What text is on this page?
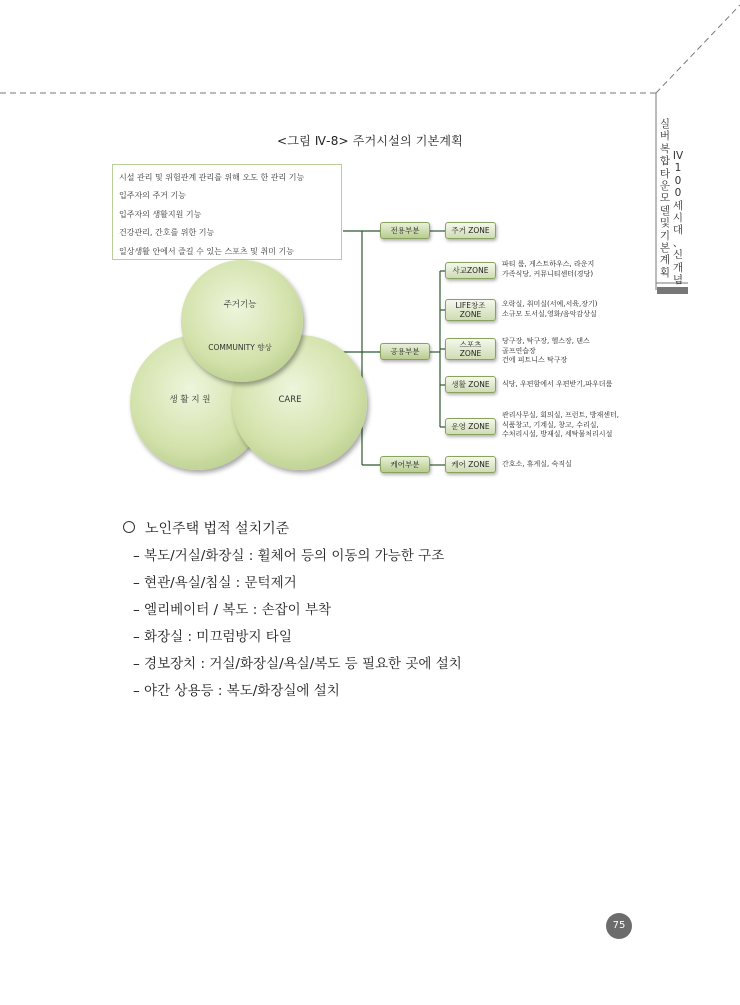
IV
1
0
0
세
시
대
、
신
개
념
실
버
복
합
타
운
모
델
및
기
본
계
획
<그림 Ⅳ-8> 주거시설의 기본계획
시설 관리 및 위험관계 관리를 위해 오도 한 관리 기능
입주자의 주거 기능
입주자의 생활지원 기능
건강관리, 간호를 위한 기능
일상생활 안에서 즐길 수 있는 스포츠 및 취미 기능
주거기능
COMMUNITY 향상
생 활 지 원	CARE
전용부분
공용부분
케어부분
주거 ZONE
사교ZONE
LIFE창조
ZONE
스포츠
ZONE
생활 ZONE
운영 ZONE
케어 ZONE
파티 룸, 게스트하우스, 라운지
가족식당, 커뮤니티센터(경당)
오락실, 취미실(서예,서육,장기)
소규모 도서실,영화/음악감상실
당구장, 탁구장, 헬스장, 댄스
골프연습장
건에 피트니스 탁구장
식당, 우편함에서 우편받기,파우더룸
관리사무실, 회의실, 프런트, 방재센터,
식품창고, 기계실, 창고, 수리실,
수처리시설, 방재실, 세탁물처리시설
간호소, 휴게실, 숙직실
노인주택 법적 설치기준
– 복도/거실/화장실 : 휠체어 등의 이동의 가능한 구조
– 현관/욕실/침실 : 문턱제거
– 엘리베이터 / 복도 : 손잡이 부착
– 화장실 : 미끄럼방지 타일
– 경보장치 : 거실/화장실/욕실/복도 등 필요한 곳에 설치
– 야간 상용등 : 복도/화장실에 설치
75
